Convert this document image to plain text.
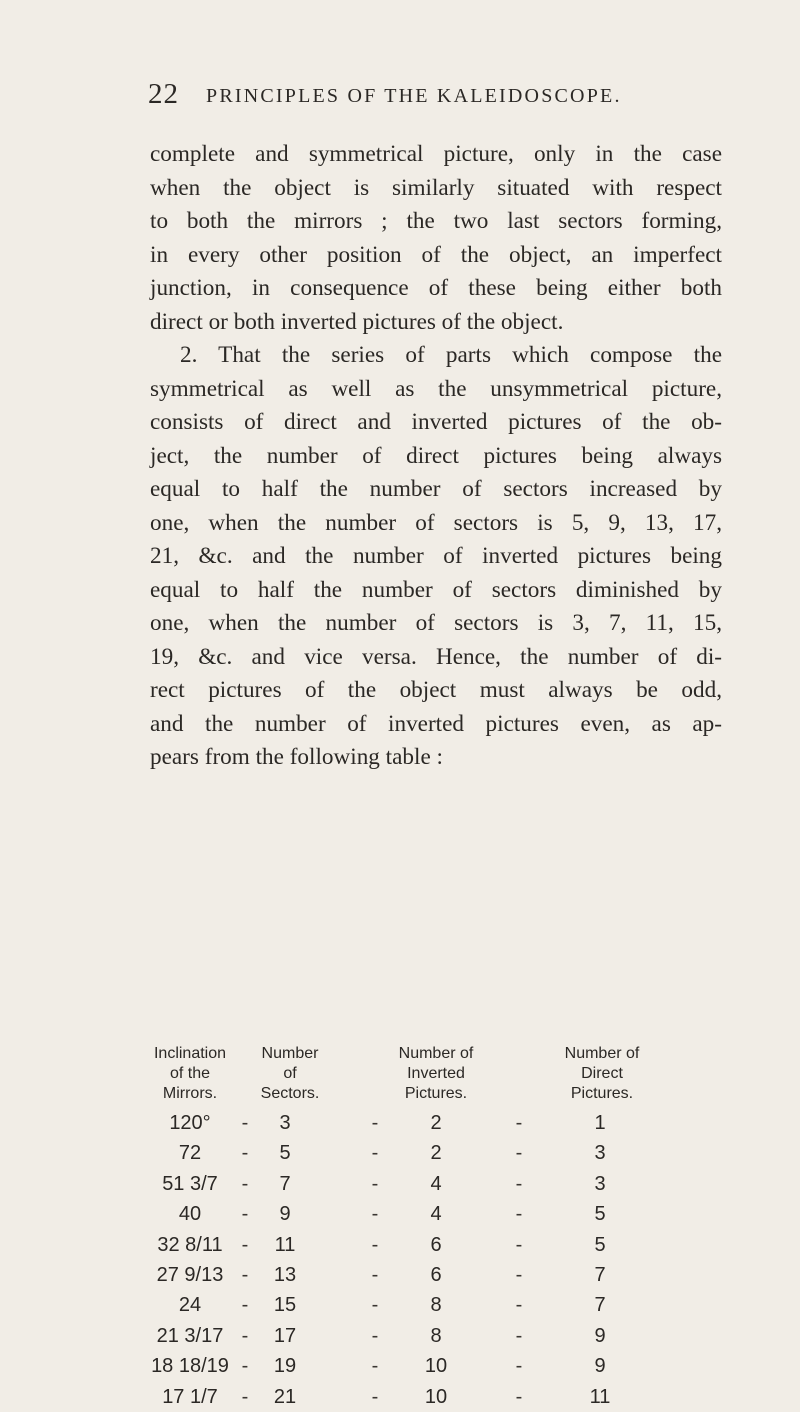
22 PRINCIPLES OF THE KALEIDOSCOPE.
complete and symmetrical picture, only in the case
when the object is similarly situated with respect
to both the mirrors ; the two last sectors forming,
in every other position of the object, an imperfect
junction, in consequence of these being either both
direct or both inverted pictures of the object.
2. That the series of parts which compose the
symmetrical as well as the unsymmetrical picture,
consists of direct and inverted pictures of the ob-
ject, the number of direct pictures being always
equal to half the number of sectors increased by
one, when the number of sectors is 5, 9, 13, 17,
21, &c. and the number of inverted pictures being
equal to half the number of sectors diminished by
one, when the number of sectors is 3, 7, 11, 15,
19, &c. and vice versa. Hence, the number of di-
rect pictures of the object must always be odd,
and the number of inverted pictures even, as ap-
pears from the following table :
Inclination
of the
Mirrors.
Number
of
Sectors.
Number of
Inverted
Pictures.
Number of
Direct
Pictures.
120°	-	3	-	2	-	1
72	-	5	-	2	-	3
51 3/7	-	7	-	4	-	3
40	-	9	-	4	-	5
32 8/11 -	11	-	6	-	5
27 9/13 -	13	-	6	-	7
24	-	15	-	8	-	7
21 3/17 -	17	-	8	-	9
18 18/19 -	19	-	10	-	9
17 1/7	-	21	-	10	-	11
